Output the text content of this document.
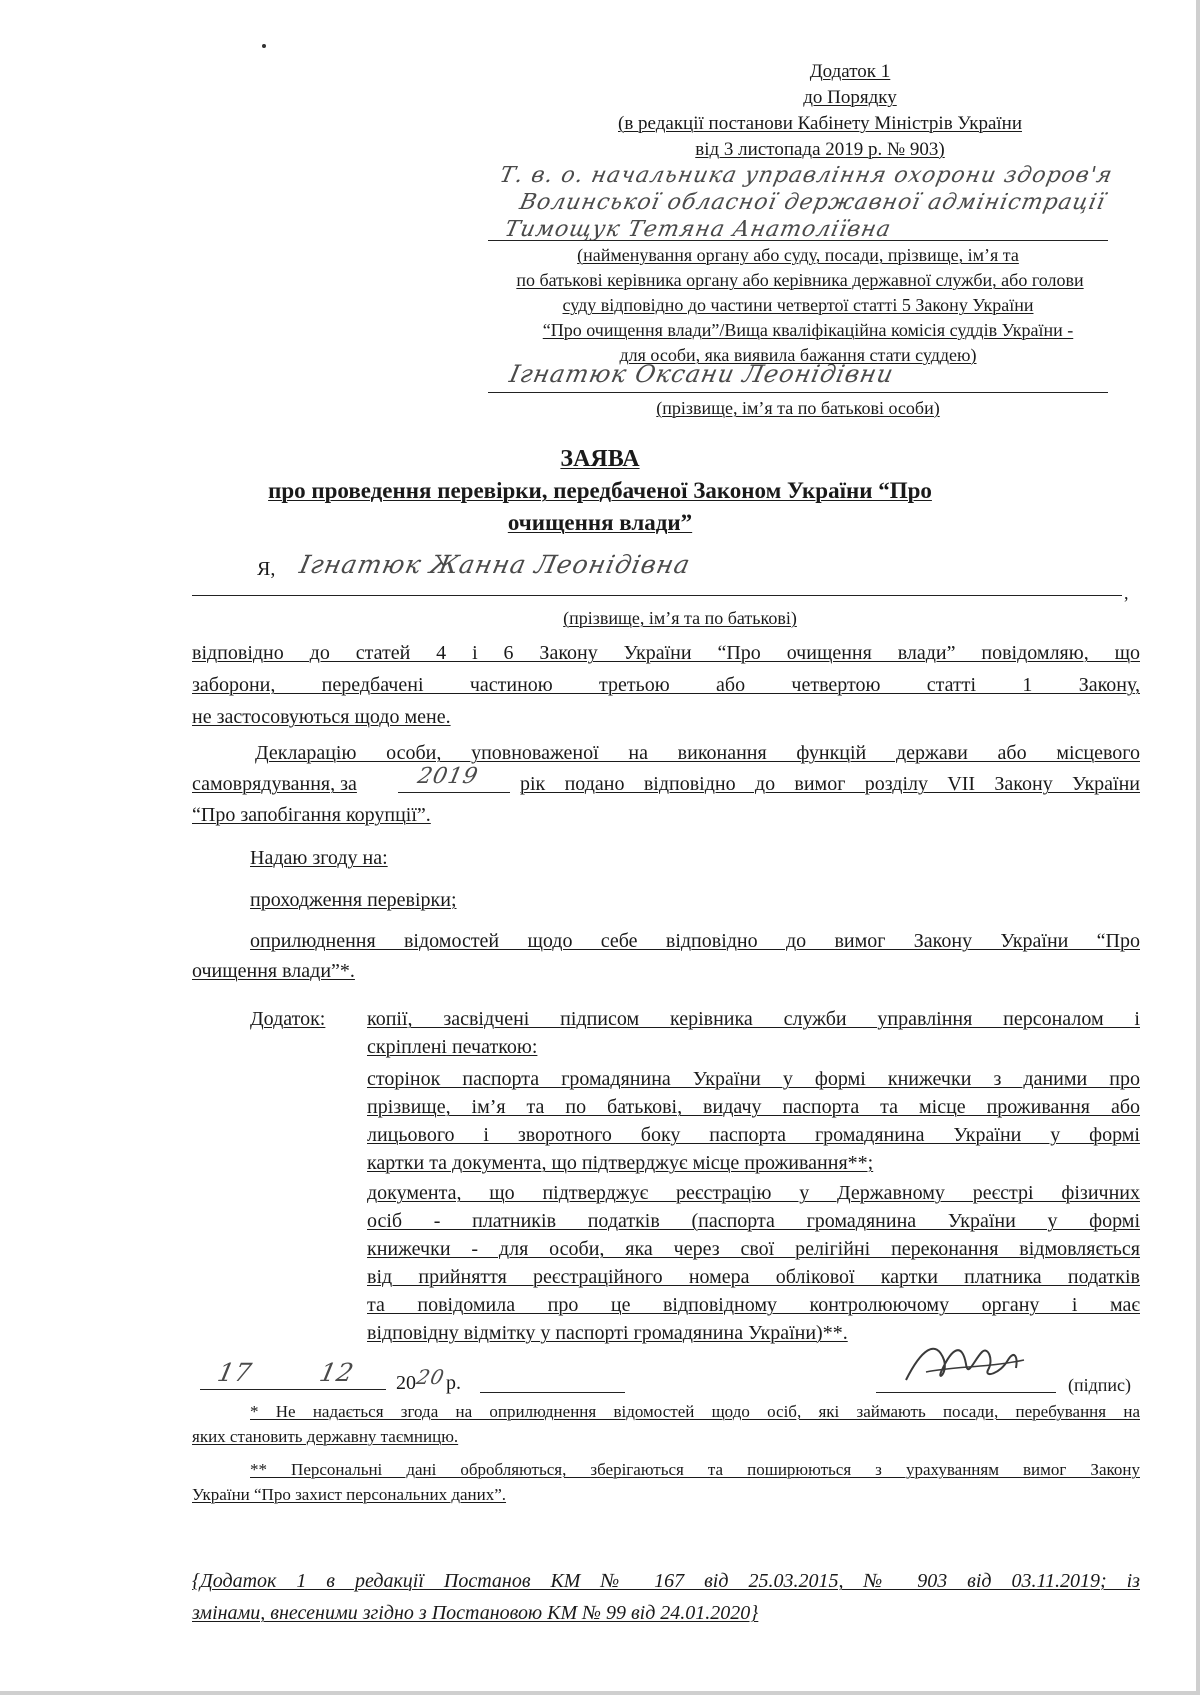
Додаток 1
до Порядку
(в редакції постанови Кабінету Міністрів України
від 3 листопада 2019 р. № 903)
Т. в. о. начальника управління охорони здоров'я
Волинської обласної державної адміністрації
Тимощук Тетяна Анатоліївна
(найменування органу або суду, посади, прізвище, ім’я та
по батькові керівника органу або керівника державної служби, або голови
суду відповідно до частини четвертої статті 5 Закону України
“Про очищення влади”/Вища кваліфікаційна комісія суддів України -
для особи, яка виявила бажання стати суддею)
Ігнатюк Оксани Леонідівни
(прізвище, ім’я та по батькові особи)
ЗАЯВА
про проведення перевірки, передбаченої Законом України “Про
очищення влади”
Я, Ігнатюк Жанна Леонідівна
,
(прізвище, ім’я та по батькові)
відповідно до статей 4 і 6 Закону України “Про очищення влади” повідомляю, що
заборони, передбачені частиною третьою або четвертою статті 1 Закону,
не застосовуються щодо мене.
Декларацію особи, уповноваженої на виконання функцій держави або місцевого
самоврядування, за	2019	рік подано відповідно до вимог розділу VII Закону України
“Про запобігання корупції”.
Надаю згоду на:
проходження перевірки;
оприлюднення відомостей щодо себе відповідно до вимог Закону України “Про
очищення влади”*.
Додаток: копії, засвідчені підписом керівника служби управління персоналом і
скріплені печаткою:
сторінок паспорта громадянина України у формі книжечки з даними про
прізвище, ім’я та по батькові, видачу паспорта та місце проживання або
лицьового і зворотного боку паспорта громадянина України у формі
картки та документа, що підтверджує місце проживання**;
документа, що підтверджує реєстрацію у Державному реєстрі фізичних
осіб - платників податків (паспорта громадянина України у формі
книжечки - для особи, яка через свої релігійні переконання відмовляється
від прийняття реєстраційного номера облікової картки платника податків
та повідомила про це відповідному контролюючому органу і має
відповідну відмітку у паспорті громадянина України)**.
17 12 20
20
р.	(підпис)
* Не надається згода на оприлюднення відомостей щодо осіб, які займають посади, перебування на
яких становить державну таємницю.
** Персональні дані обробляються, зберігаються та поширюються з урахуванням вимог Закону
України “Про захист персональних даних”.
{Додаток 1 в редакції Постанов КМ № 167 від 25.03.2015, № 903 від 03.11.2019; із
змінами, внесеними згідно з Постановою КМ № 99 від 24.01.2020}
